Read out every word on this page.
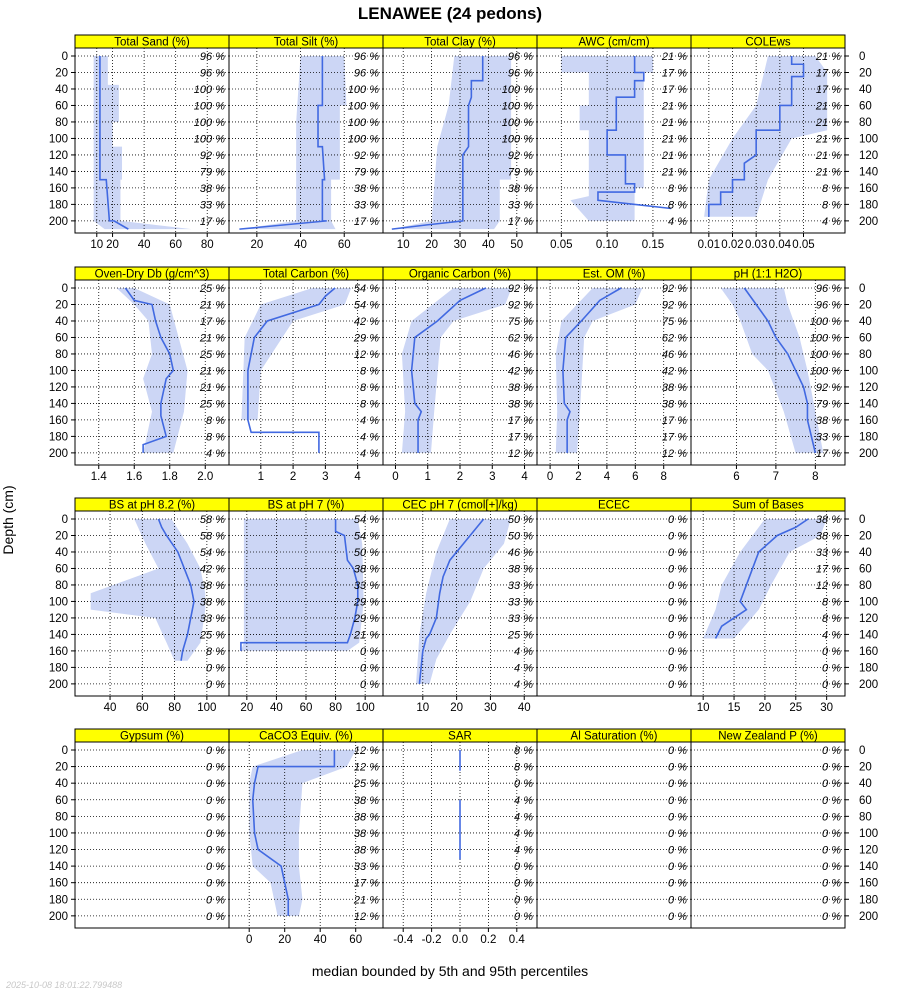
LENAWEE (24 pedons)
Total Sand (%)
96 %
96 %
100 %
100 %
100 %
100 %
92 %
79 %
38 %
33 %
17 %
10 20 40 60 80
0
20
40
60
80
100
120
140
160
180
200
Total Silt (%)
96 %
96 %
100 %
100 %
100 %
100 %
92 %
79 %
38 %
33 %
17 %
20	40	60
Total Clay (%)
96 %
96 %
100 %
100 %
100 %
100 %
92 %
79 %
38 %
33 %
17 %
10 20 30 40 50
AWC (cm/cm)
21 %
17 %
17 %
21 %
21 %
21 %
21 %
21 %
8 %
8 %
4 %
0.05 0.10 0.15
COLEws
21 %
17 %
17 %
21 %
21 %
21 %
21 %
21 %
8 %
8 %
4 %
0.01 0.02 0.03 0.04 0.05
0
20
40
60
80
100
120
140
160
180
200
Oven-Dry Db (g/cm^3)
25 %
21 %
17 %
21 %
25 %
21 %
21 %
25 %
8 %
8 %
4 %
1.4 1.6 1.8 2.0
0
20
40
60
80
100
120
140
160
180
200
Total Carbon (%)
54 %
54 %
42 %
29 %
12 %
8 %
8 %
8 %
4 %
4 %
4 %
1 2 3 4
Organic Carbon (%)
92 %
92 %
75 %
62 %
46 %
42 %
38 %
38 %
17 %
17 %
12 %
0 1 2 3 4
Est. OM (%)
92 %
92 %
75 %
62 %
46 %
42 %
38 %
38 %
17 %
17 %
12 %
0 2 4 6 8
pH (1:1 H2O)
96 %
96 %
100 %
100 %
100 %
100 %
92 %
79 %
38 %
33 %
17 %
6	7	8
0
20
40
60
80
100
120
140
160
180
200
BS at pH 8.2 (%)
58 %
58 %
54 %
42 %
38 %
38 %
33 %
25 %
8 %
0 %
0 %
40 60 80 100
0
20
40
60
80
100
120
140
160
180
200
BS at pH 7 (%)
54 %
54 %
50 %
38 %
33 %
29 %
29 %
21 %
0 %
0 %
0 %
20 40 60 80 100
CEC pH 7 (cmol[+]/kg)
50 %
50 %
46 %
38 %
33 %
33 %
33 %
25 %
4 %
4 %
4 %
10 20 30 40
ECEC
0 %
0 %
0 %
0 %
0 %
0 %
0 %
0 %
0 %
0 %
0 %
Sum of Bases
38 %
38 %
33 %
17 %
12 %
8 %
8 %
4 %
0 %
0 %
0 %
10 15 20 25 30
0
20
40
60
80
100
120
140
160
180
200
Gypsum (%)
0 %
0 %
0 %
0 %
0 %
0 %
0 %
0 %
0 %
0 %
0 %
0
20
40
60
80
100
120
140
160
180
200
CaCO3 Equiv. (%)
12 %
12 %
25 %
38 %
38 %
38 %
38 %
33 %
17 %
21 %
12 %
0 20 40 60
SAR
8 %
8 %
0 %
4 %
4 %
4 %
4 %
0 %
0 %
0 %
0 %
-0.4 -0.2 0.0 0.2 0.4
Al Saturation (%)
0 %
0 %
0 %
0 %
0 %
0 %
0 %
0 %
0 %
0 %
0 %
New Zealand P (%)
0 %
0 %
0 %
0 %
0 %
0 %
0 %
0 %
0 %
0 %
0 %
0
20
40
60
80
100
120
140
160
180
200
Depth (cm)
median bounded by 5th and 95th percentiles
2025-10-08 18:01:22.799488
